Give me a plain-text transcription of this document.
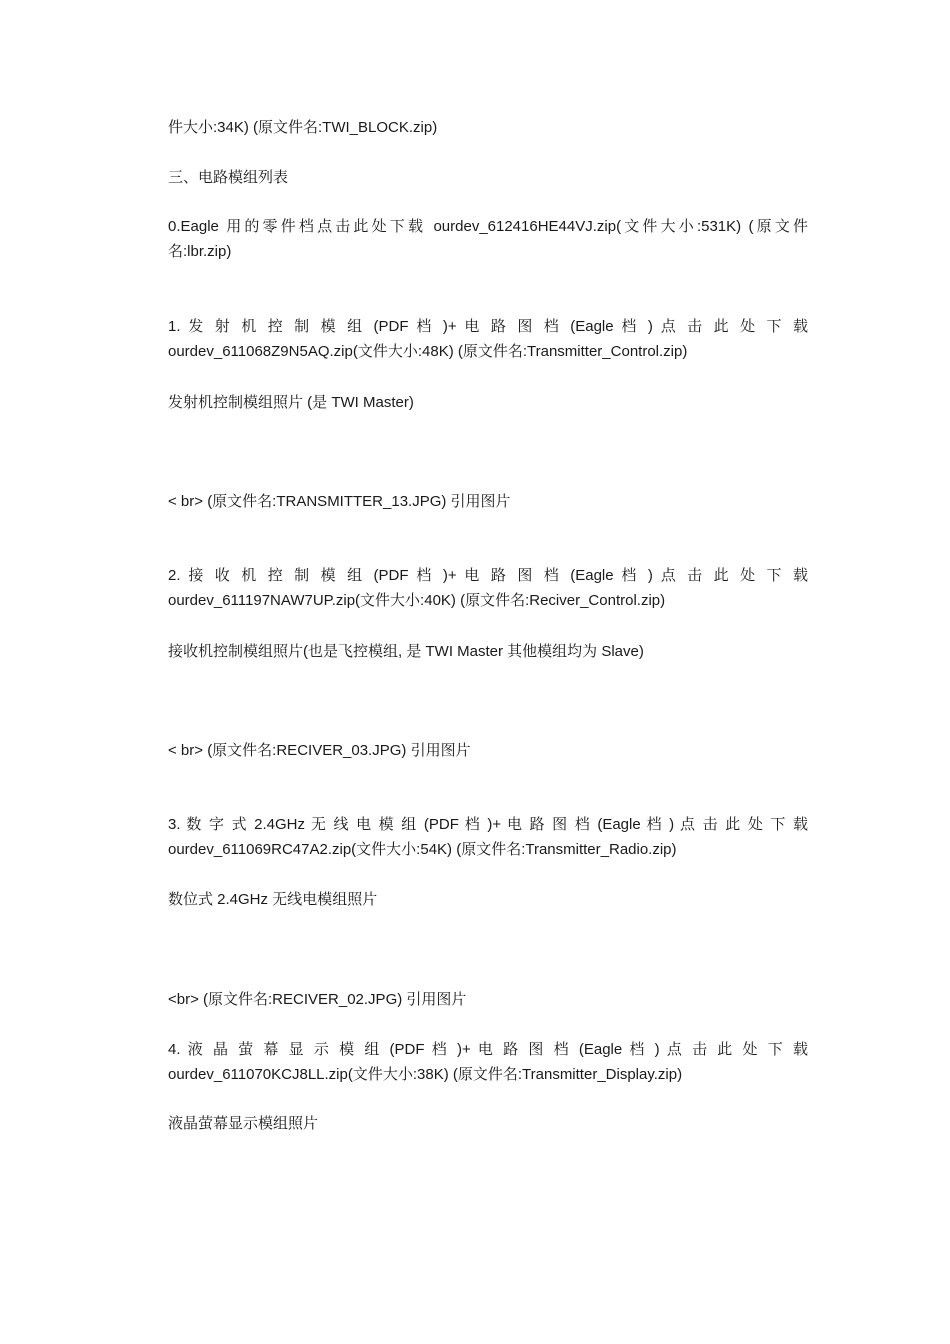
件大小:34K) (原文件名:TWI_BLOCK.zip)
三、电路模组列表
0.Eagle 用的零件档点击此处下载 ourdev_612416HE44VJ.zip(文件大小:531K) (原文件
名:lbr.zip)
1. 发 射 机 控 制 模 组 (PDF 档 )+ 电 路 图 档 (Eagle 档 ) 点 击 此 处 下 载
ourdev_611068Z9N5AQ.zip(文件大小:48K) (原文件名:Transmitter_Control.zip)
发射机控制模组照片 (是 TWI Master)
< br> (原文件名:TRANSMITTER_13.JPG) 引用图片
2. 接 收 机 控 制 模 组 (PDF 档 )+ 电 路 图 档 (Eagle 档 ) 点 击 此 处 下 载
ourdev_611197NAW7UP.zip(文件大小:40K) (原文件名:Reciver_Control.zip)
接收机控制模组照片(也是飞控模组, 是 TWI Master 其他模组均为 Slave)
< br> (原文件名:RECIVER_03.JPG) 引用图片
3. 数 字 式 2.4GHz 无 线 电 模 组 (PDF 档 )+ 电 路 图 档 (Eagle 档 ) 点 击 此 处 下 载
ourdev_611069RC47A2.zip(文件大小:54K) (原文件名:Transmitter_Radio.zip)
数位式 2.4GHz 无线电模组照片
<br> (原文件名:RECIVER_02.JPG) 引用图片
4. 液 晶 萤 幕 显 示 模 组 (PDF 档 )+ 电 路 图 档 (Eagle 档 ) 点 击 此 处 下 载
ourdev_611070KCJ8LL.zip(文件大小:38K) (原文件名:Transmitter_Display.zip)
液晶萤幕显示模组照片
